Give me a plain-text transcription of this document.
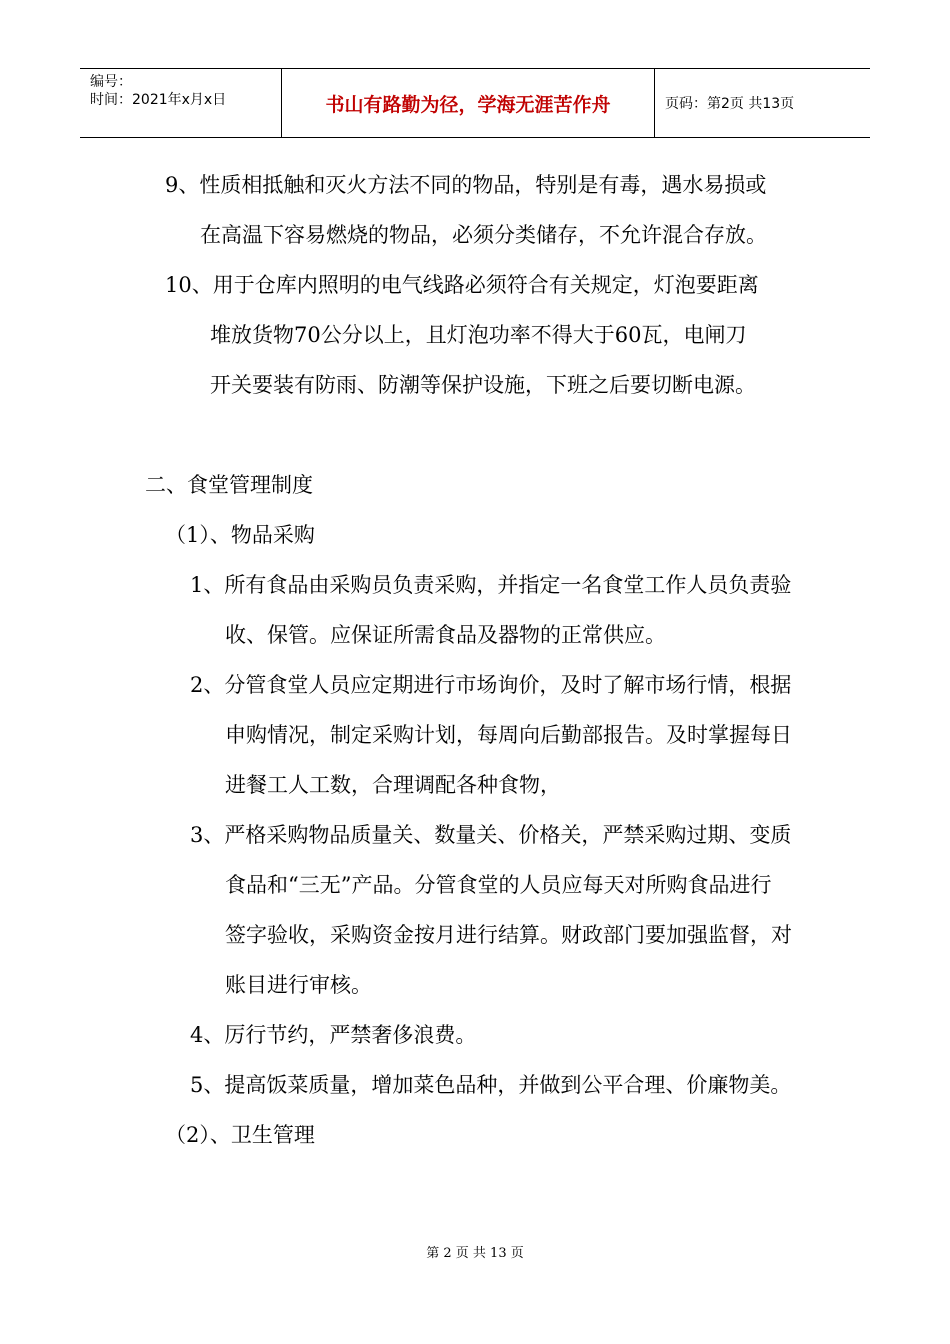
编号：
时间：2021年x月x日	书山有路勤为径，学海无涯苦作舟	页码：第2页 共13页
9、性质相抵触和灭火方法不同的物品，特别是有毒，遇水易损或
在高温下容易燃烧的物品，必须分类储存，不允许混合存放。
10、用于仓库内照明的电气线路必须符合有关规定，灯泡要距离
堆放货物70公分以上，且灯泡功率不得大于60瓦，电闸刀
开关要装有防雨、防潮等保护设施，下班之后要切断电源。
二、食堂管理制度
（1）、物品采购
1、所有食品由采购员负责采购，并指定一名食堂工作人员负责验
收、保管。应保证所需食品及器物的正常供应。
2、分管食堂人员应定期进行市场询价，及时了解市场行情，根据
申购情况，制定采购计划，每周向后勤部报告。及时掌握每日
进餐工人工数，合理调配各种食物，
3、严格采购物品质量关、数量关、价格关，严禁采购过期、变质
食品和“三无”产品。分管食堂的人员应每天对所购食品进行
签字验收，采购资金按月进行结算。财政部门要加强监督，对
账目进行审核。
4、厉行节约，严禁奢侈浪费。
5、提高饭菜质量，增加菜色品种，并做到公平合理、价廉物美。
（2）、卫生管理
第 2 页 共 13 页
